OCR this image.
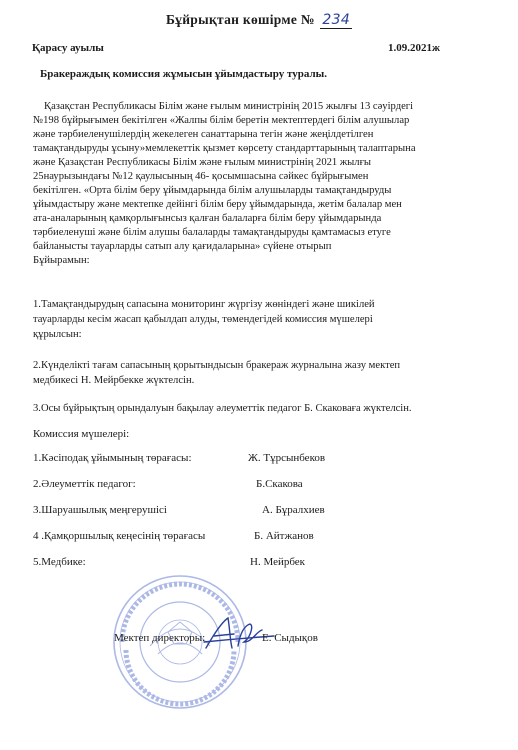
Бұйрықтан көшірме № 234
Қарасу ауылы	1.09.2021ж
Бракераждық комиссия жұмысын ұйымдастыру туралы.
Қазақстан Республикасы Білім және ғылым министрінің 2015 жылғы 13 сәуірдегі
№198 бұйрығымен бекітілген «Жалпы білім беретін мектептердегі білім алушылар
және тәрбиеленушілердің жекелеген санаттарына тегін және жеңілдетілген
тамақтандыруды ұсыну»мемлекеттік қызмет көрсету стандарттарының талаптарына
және Қазақстан Республикасы Білім және ғылым министрінің 2021 жылғы
25наурызындағы №12 қаулысының 46- қосымшасына сәйкес бұйрығымен
бекітілген. «Орта білім беру ұйымдарында білім алушыларды тамақтандыруды
ұйымдастыру және мектепке дейінгі білім беру ұйымдарында, жетім балалар мен
ата-аналарының қамқорлығынсыз қалған балаларға білім беру ұйымдарында
тәрбиеленуші және білім алушы балаларды тамақтандыруды қамтамасыз етуге
байланысты тауарларды сатып алу қағидаларына» сүйене отырып
Бұйырамын:
1.Тамақтандырудың сапасына мониторинг жүргізу жөніндегі және шикілей
тауарларды кесім жасап қабылдап алуды, төмендегідей комиссия мүшелері
құрылсын:
2.Күнделікті тағам сапасының қорытындысын бракераж журналына жазу мектеп
медбикесі Н. Мейрбекке жүктелсін.
3.Осы бұйрықтың орындалуын бақылау әлеуметтік педагог Б. Скаковаға жүктелсін.
Комиссия мүшелері:
1.Кәсіподақ ұйымының төрағасы:	Ж. Тұрсынбеков
2.Әлеуметтік педагог:	Б.Скакова
3.Шаруашылық меңгерушісі	А. Бұралхиев
4 .Қамқоршылық кеңесінің төрағасы	Б. Айтжанов
5.Медбике:	Н. Мейрбек
Мектеп директоры:	Е. Сыдықов
